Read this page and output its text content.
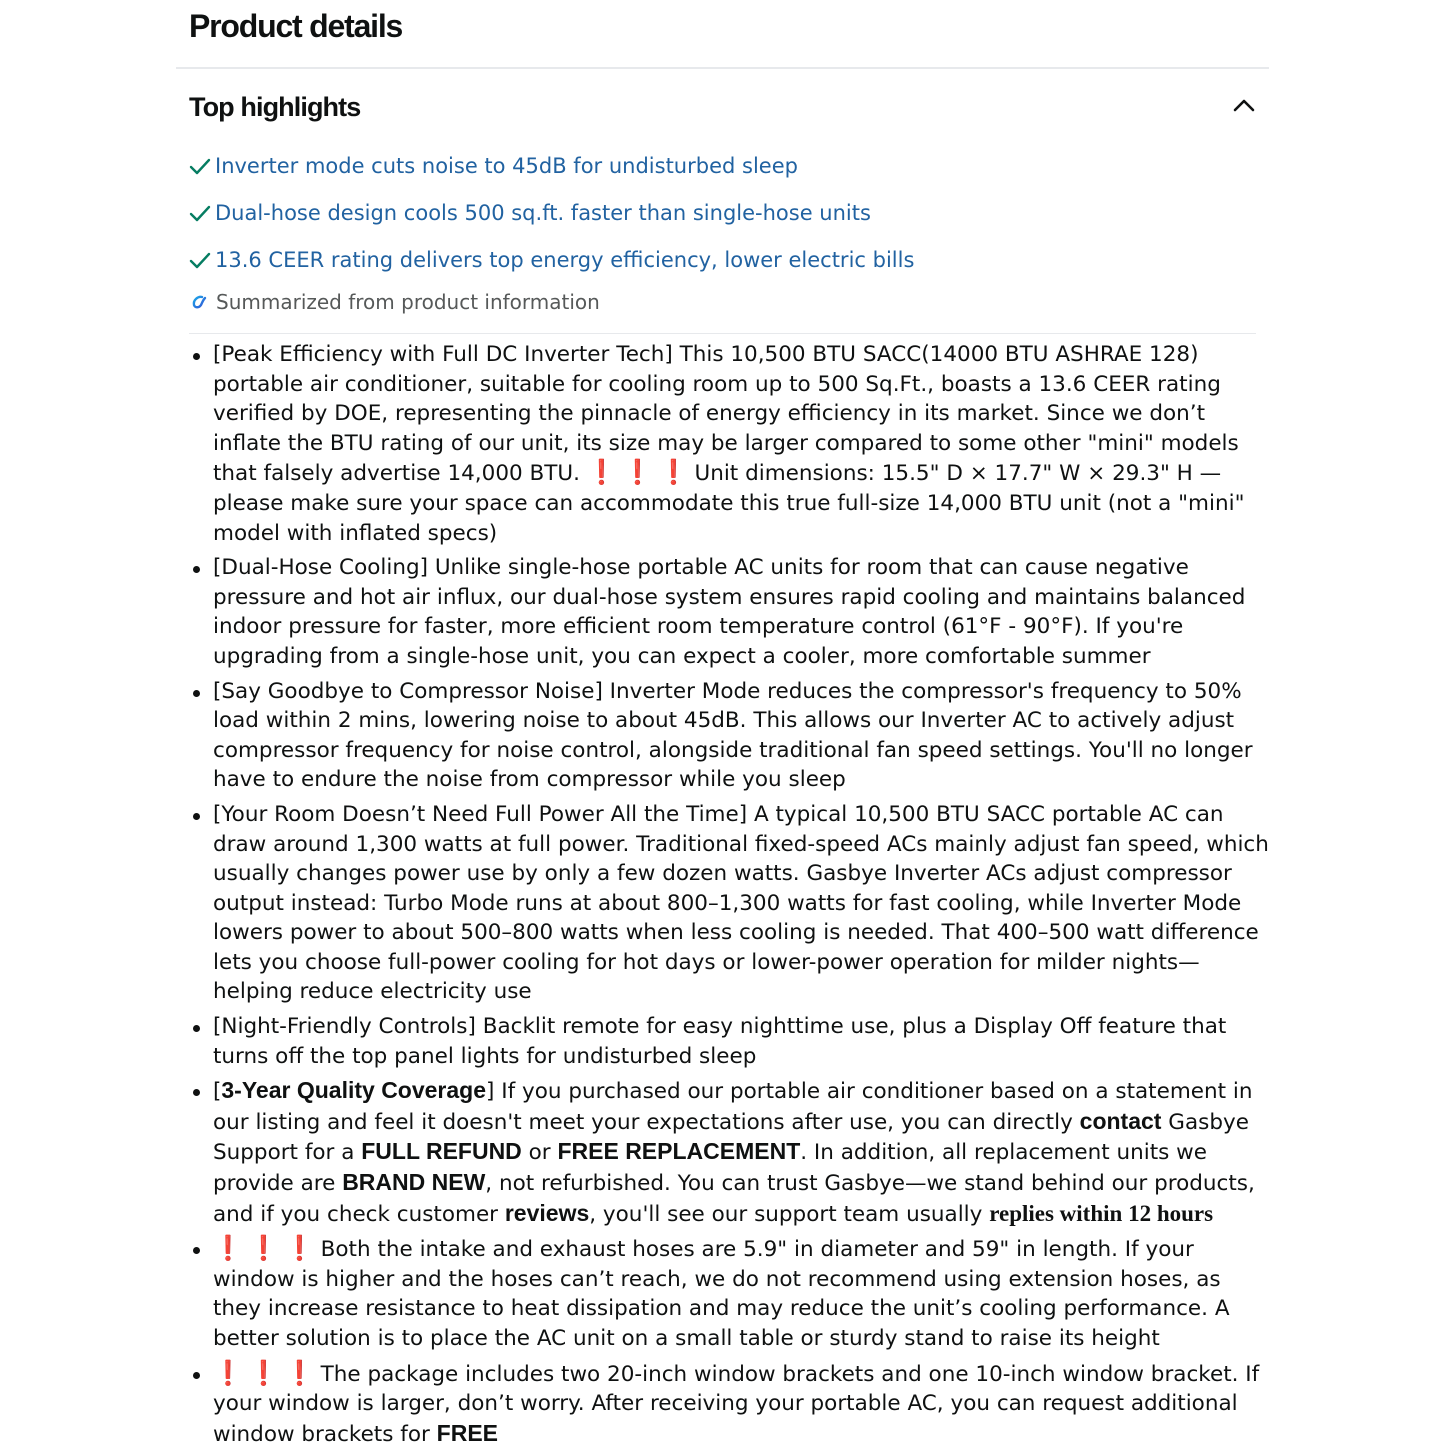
Product details
Top highlights
Inverter mode cuts noise to 45dB for undisturbed sleep
Dual-hose design cools 500 sq.ft. faster than single-hose units
13.6 CEER rating delivers top energy efficiency, lower electric bills
Summarized from product information
[Peak Efficiency with Full DC Inverter Tech] This 10,500 BTU SACC(14000 BTU ASHRAE 128) portable air conditioner, suitable for cooling room up to 500 Sq.Ft., boasts a 13.6 CEER rating verified by DOE, representing the pinnacle of energy efficiency in its market. Since we don’t inflate the BTU rating of our unit, its size may be larger compared to some other "mini" models that falsely advertise 14,000 BTU. ❗❗❗Unit dimensions: 15.5" D × 17.7" W × 29.3" H — please make sure your space can accommodate this true full-size 14,000 BTU unit (not a "mini" model with inflated specs)
[Dual-Hose Cooling] Unlike single-hose portable AC units for room that can cause negative pressure and hot air influx, our dual-hose system ensures rapid cooling and maintains balanced indoor pressure for faster, more efficient room temperature control (61°F - 90°F). If you're upgrading from a single-hose unit, you can expect a cooler, more comfortable summer
[Say Goodbye to Compressor Noise] Inverter Mode reduces the compressor's frequency to 50% load within 2 mins, lowering noise to about 45dB. This allows our Inverter AC to actively adjust compressor frequency for noise control, alongside traditional fan speed settings. You'll no longer have to endure the noise from compressor while you sleep
[Your Room Doesn’t Need Full Power All the Time] A typical 10,500 BTU SACC portable AC can draw around 1,300 watts at full power. Traditional fixed-speed ACs mainly adjust fan speed, which usually changes power use by only a few dozen watts. Gasbye Inverter ACs adjust compressor output instead: Turbo Mode runs at about 800–1,300 watts for fast cooling, while Inverter Mode lowers power to about 500–800 watts when less cooling is needed. That 400–500 watt difference lets you choose full-power cooling for hot days or lower-power operation for milder nights—helping reduce electricity use
[Night-Friendly Controls] Backlit remote for easy nighttime use, plus a Display Off feature that turns off the top panel lights for undisturbed sleep
[3-Year Quality Coverage] If you purchased our portable air conditioner based on a statement in our listing and feel it doesn't meet your expectations after use, you can directly contact Gasbye Support for a FULL REFUND or FREE REPLACEMENT. In addition, all replacement units we provide are BRAND NEW, not refurbished. You can trust Gasbye—we stand behind our products, and if you check customer reviews, you'll see our support team usually replies within 12 hours
❗❗❗Both the intake and exhaust hoses are 5.9" in diameter and 59" in length. If your window is higher and the hoses can’t reach, we do not recommend using extension hoses, as they increase resistance to heat dissipation and may reduce the unit’s cooling performance. A better solution is to place the AC unit on a small table or sturdy stand to raise its height
❗❗❗The package includes two 20-inch window brackets and one 10-inch window bracket. If your window is larger, don’t worry. After receiving your portable AC, you can request additional window brackets for FREE
